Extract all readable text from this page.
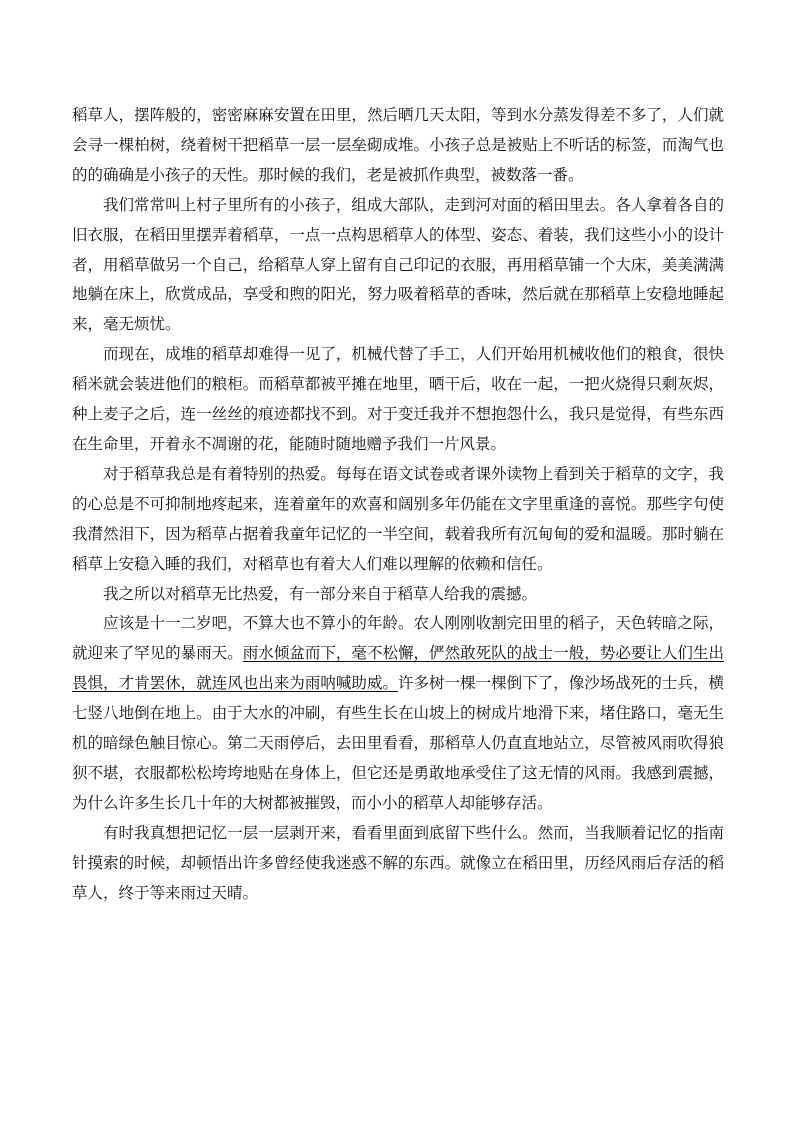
稻草人，摆阵般的，密密麻麻安置在田里，然后晒几天太阳，等到水分蒸发得差不多了，人们就会寻一棵柏树，绕着树干把稻草一层一层垒砌成堆。小孩子总是被贴上不听话的标签，而淘气也的的确确是小孩子的天性。那时候的我们，老是被抓作典型，被数落一番。

我们常常叫上村子里所有的小孩子，组成大部队，走到河对面的稻田里去。各人拿着各自的旧衣服，在稻田里摆弄着稻草，一点一点构思稻草人的体型、姿态、着装，我们这些小小的设计者，用稻草做另一个自己，给稻草人穿上留有自己印记的衣服，再用稻草铺一个大床，美美满满地躺在床上，欣赏成品，享受和煦的阳光，努力吸着稻草的香味，然后就在那稻草上安稳地睡起来，毫无烦忧。

而现在，成堆的稻草却难得一见了，机械代替了手工，人们开始用机械收他们的粮食，很快稻米就会装进他们的粮柜。而稻草都被平摊在地里，晒干后，收在一起，一把火烧得只剩灰烬，种上麦子之后，连一丝丝的痕迹都找不到。对于变迁我并不想抱怨什么，我只是觉得，有些东西在生命里，开着永不凋谢的花，能随时随地赠予我们一片风景。

对于稻草我总是有着特别的热爱。每每在语文试卷或者课外读物上看到关于稻草的文字，我的心总是不可抑制地疼起来，连着童年的欢喜和阔别多年仍能在文字里重逢的喜悦。那些字句使我潸然泪下，因为稻草占据着我童年记忆的一半空间，载着我所有沉甸甸的爱和温暖。那时躺在稻草上安稳入睡的我们，对稻草也有着大人们难以理解的依赖和信任。

我之所以对稻草无比热爱，有一部分来自于稻草人给我的震撼。

应该是十一二岁吧，不算大也不算小的年龄。农人刚刚收割完田里的稻子，天色转暗之际，就迎来了罕见的暴雨天。雨水倾盆而下，毫不松懈，俨然敢死队的战士一般，势必要让人们生出畏惧，才肯罢休，就连风也出来为雨呐喊助威。许多树一棵一棵倒下了，像沙场战死的士兵，横七竖八地倒在地上。由于大水的冲刷，有些生长在山坡上的树成片地滑下来，堵住路口，毫无生机的暗绿色触目惊心。第二天雨停后，去田里看看，那稻草人仍直直地站立，尽管被风雨吹得狼狈不堪，衣服都松松垮垮地贴在身体上，但它还是勇敢地承受住了这无情的风雨。我感到震撼，为什么许多生长几十年的大树都被摧毁，而小小的稻草人却能够存活。

有时我真想把记忆一层一层剥开来，看看里面到底留下些什么。然而，当我顺着记忆的指南针摸索的时候，却顿悟出许多曾经使我迷惑不解的东西。就像立在稻田里，历经风雨后存活的稻草人，终于等来雨过天晴。
